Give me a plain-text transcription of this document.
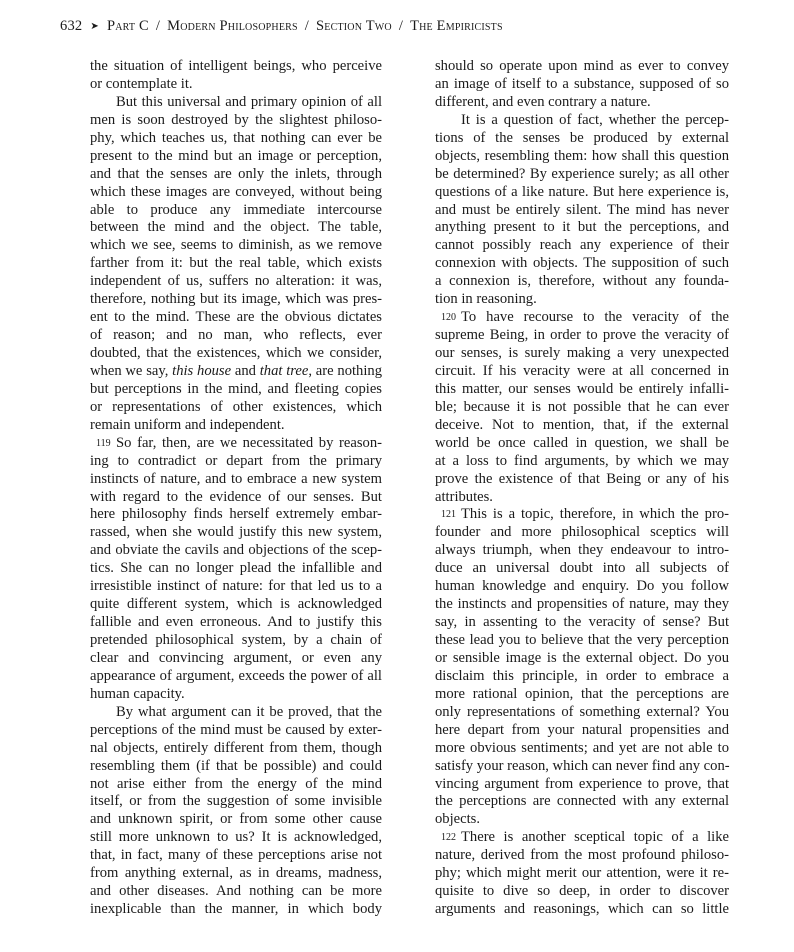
632 ➤ Part C / Modern Philosophers / Section Two / The Empiricists
the situation of intelligent beings, who perceive
or contemplate it.
But this universal and primary opinion of all
men is soon destroyed by the slightest philoso-
phy, which teaches us, that nothing can ever be
present to the mind but an image or perception,
and that the senses are only the inlets, through
which these images are conveyed, without being
able to produce any immediate intercourse
between the mind and the object. The table,
which we see, seems to diminish, as we remove
farther from it: but the real table, which exists
independent of us, suffers no alteration: it was,
therefore, nothing but its image, which was pres-
ent to the mind. These are the obvious dictates
of reason; and no man, who reflects, ever
doubted, that the existences, which we consider,
when we say, this house and that tree, are nothing
but perceptions in the mind, and fleeting copies
or representations of other existences, which
remain uniform and independent.
119 So far, then, are we necessitated by reason-
ing to contradict or depart from the primary
instincts of nature, and to embrace a new system
with regard to the evidence of our senses. But
here philosophy finds herself extremely embar-
rassed, when she would justify this new system,
and obviate the cavils and objections of the scep-
tics. She can no longer plead the infallible and
irresistible instinct of nature: for that led us to a
quite different system, which is acknowledged
fallible and even erroneous. And to justify this
pretended philosophical system, by a chain of
clear and convincing argument, or even any
appearance of argument, exceeds the power of all
human capacity.
By what argument can it be proved, that the
perceptions of the mind must be caused by exter-
nal objects, entirely different from them, though
resembling them (if that be possible) and could
not arise either from the energy of the mind
itself, or from the suggestion of some invisible
and unknown spirit, or from some other cause
still more unknown to us? It is acknowledged,
that, in fact, many of these perceptions arise not
from anything external, as in dreams, madness,
and other diseases. And nothing can be more
inexplicable than the manner, in which body
should so operate upon mind as ever to convey
an image of itself to a substance, supposed of so
different, and even contrary a nature.
It is a question of fact, whether the percep-
tions of the senses be produced by external
objects, resembling them: how shall this question
be determined? By experience surely; as all other
questions of a like nature. But here experience is,
and must be entirely silent. The mind has never
anything present to it but the perceptions, and
cannot possibly reach any experience of their
connexion with objects. The supposition of such
a connexion is, therefore, without any founda-
tion in reasoning.
120 To have recourse to the veracity of the
supreme Being, in order to prove the veracity of
our senses, is surely making a very unexpected
circuit. If his veracity were at all concerned in
this matter, our senses would be entirely infalli-
ble; because it is not possible that he can ever
deceive. Not to mention, that, if the external
world be once called in question, we shall be
at a loss to find arguments, by which we may
prove the existence of that Being or any of his
attributes.
121 This is a topic, therefore, in which the pro-
founder and more philosophical sceptics will
always triumph, when they endeavour to intro-
duce an universal doubt into all subjects of
human knowledge and enquiry. Do you follow
the instincts and propensities of nature, may they
say, in assenting to the veracity of sense? But
these lead you to believe that the very perception
or sensible image is the external object. Do you
disclaim this principle, in order to embrace a
more rational opinion, that the perceptions are
only representations of something external? You
here depart from your natural propensities and
more obvious sentiments; and yet are not able to
satisfy your reason, which can never find any con-
vincing argument from experience to prove, that
the perceptions are connected with any external
objects.
122 There is another sceptical topic of a like
nature, derived from the most profound philoso-
phy; which might merit our attention, were it re-
quisite to dive so deep, in order to discover
arguments and reasonings, which can so little
